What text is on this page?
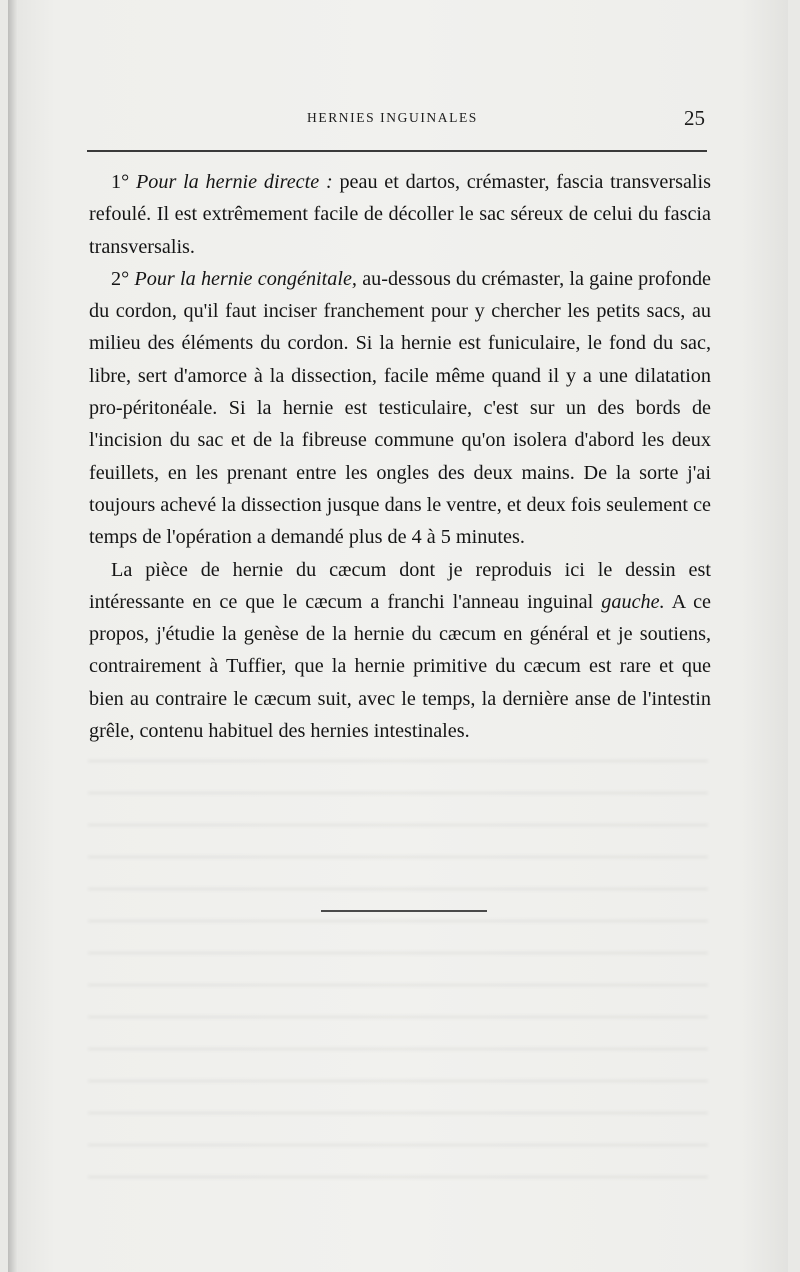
HERNIES INGUINALES	25

1° Pour la hernie directe : peau et dartos, crémaster, fascia transversalis refoulé. Il est extrêmement facile de décoller le sac séreux de celui du fascia transversalis.

2° Pour la hernie congénitale, au-dessous du crémaster, la gaine profonde du cordon, qu'il faut inciser franchement pour y chercher les petits sacs, au milieu des éléments du cordon. Si la hernie est funiculaire, le fond du sac, libre, sert d'amorce à la dissection, facile même quand il y a une dilatation pro-péritonéale. Si la hernie est testiculaire, c'est sur un des bords de l'incision du sac et de la fibreuse commune qu'on isolera d'abord les deux feuillets, en les prenant entre les ongles des deux mains. De la sorte j'ai toujours achevé la dissection jusque dans le ventre, et deux fois seulement ce temps de l'opération a demandé plus de 4 à 5 minutes.

La pièce de hernie du cæcum dont je reproduis ici le dessin est intéressante en ce que le cæcum a franchi l'anneau inguinal gauche. A ce propos, j'étudie la genèse de la hernie du cæcum en général et je soutiens, contrairement à Tuffier, que la hernie primitive du cæcum est rare et que bien au contraire le cæcum suit, avec le temps, la dernière anse de l'intestin grêle, contenu habituel des hernies intestinales.
